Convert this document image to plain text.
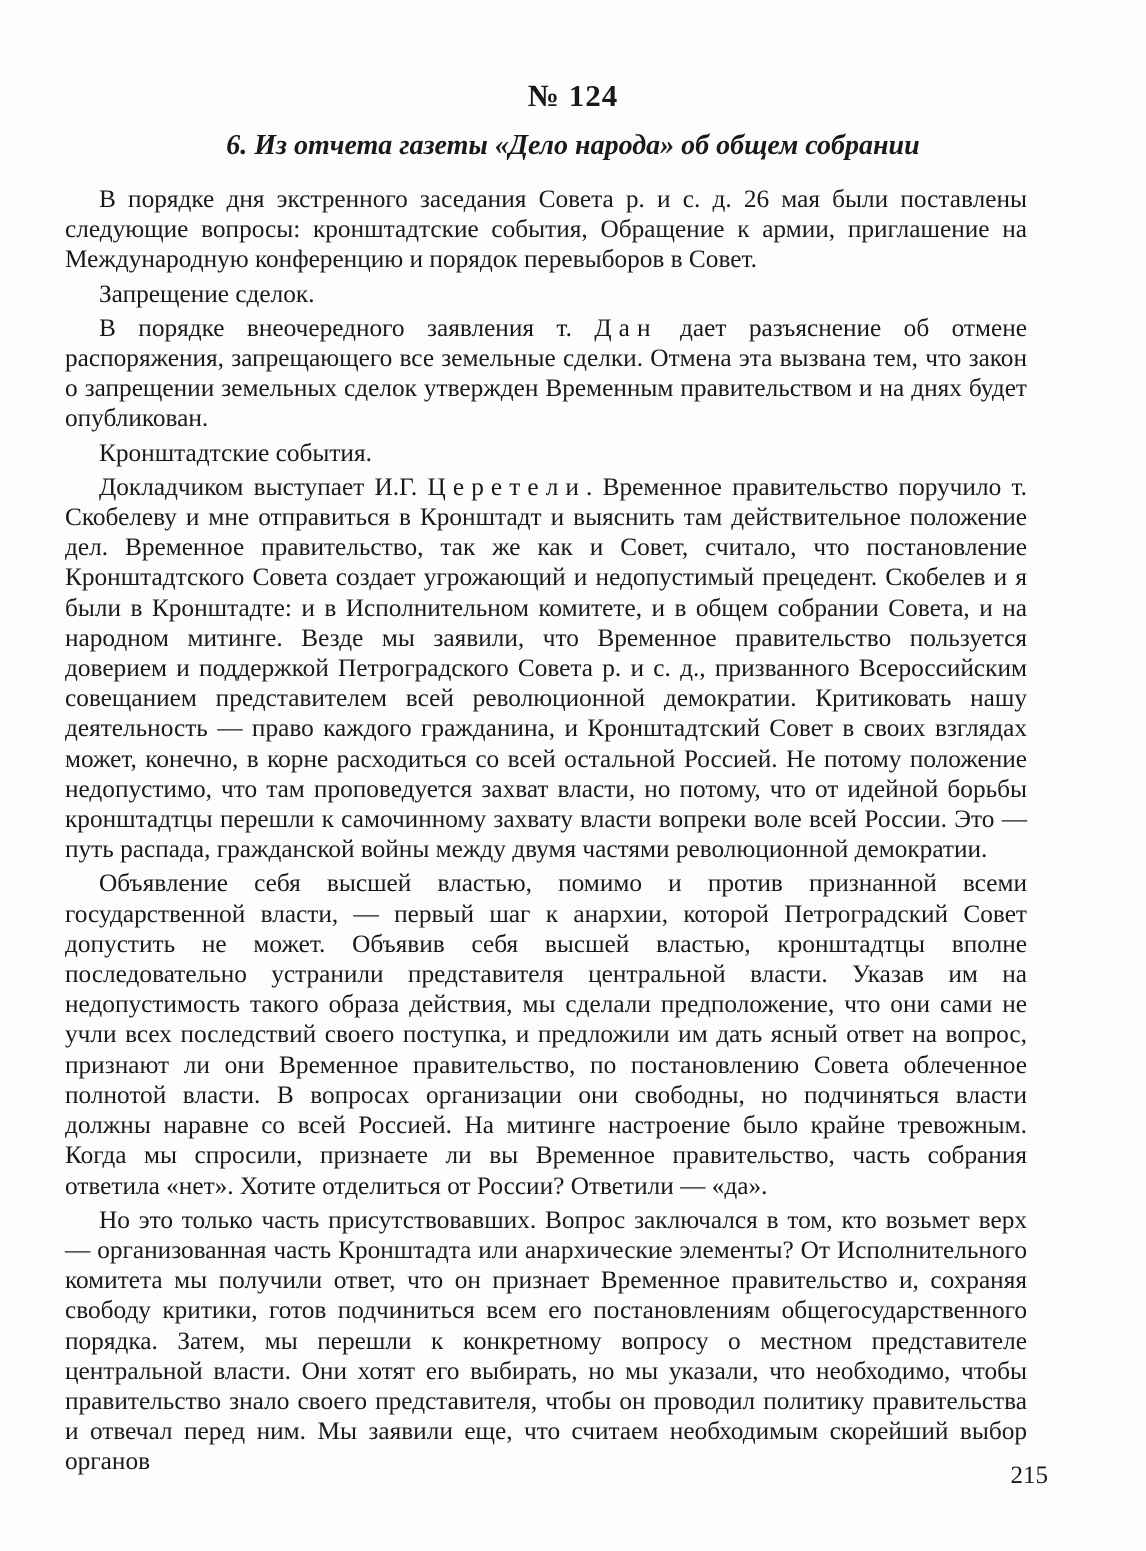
№ 124
6. Из отчета газеты «Дело народа» об общем собрании

В порядке дня экстренного заседания Совета р. и с. д. 26 мая были поставлены следующие вопросы: кронштадтские события, Обращение к армии, приглашение на Международную конференцию и порядок перевыборов в Совет.

Запрещение сделок.

В порядке внеочередного заявления т. Дан дает разъяснение об отмене распоряжения, запрещающего все земельные сделки. Отмена эта вызвана тем, что закон о запрещении земельных сделок утвержден Временным правительством и на днях будет опубликован.

Кронштадтские события.

Докладчиком выступает И.Г. Церетели. Временное правительство поручило т. Скобелеву и мне отправиться в Кронштадт и выяснить там действительное положение дел. Временное правительство, так же как и Совет, считало, что постановление Кронштадтского Совета создает угрожающий и недопустимый прецедент. Скобелев и я были в Кронштадте: и в Исполнительном комитете, и в общем собрании Совета, и на народном митинге. Везде мы заявили, что Временное правительство пользуется доверием и поддержкой Петроградского Совета р. и с. д., призванного Всероссийским совещанием представителем всей революционной демократии. Критиковать нашу деятельность — право каждого гражданина, и Кронштадтский Совет в своих взглядах может, конечно, в корне расходиться со всей остальной Россией. Не потому положение недопустимо, что там проповедуется захват власти, но потому, что от идейной борьбы кронштадтцы перешли к самочинному захвату власти вопреки воле всей России. Это — путь распада, гражданской войны между двумя частями революционной демократии.

Объявление себя высшей властью, помимо и против признанной всеми государственной власти, — первый шаг к анархии, которой Петроградский Совет допустить не может. Объявив себя высшей властью, кронштадтцы вполне последовательно устранили представителя центральной власти. Указав им на недопустимость такого образа действия, мы сделали предположение, что они сами не учли всех последствий своего поступка, и предложили им дать ясный ответ на вопрос, признают ли они Временное правительство, по постановлению Совета облеченное полнотой власти. В вопросах организации они свободны, но подчиняться власти должны наравне со всей Россией. На митинге настроение было крайне тревожным. Когда мы спросили, признаете ли вы Временное правительство, часть собрания ответила «нет». Хотите отделиться от России? Ответили — «да».

Но это только часть присутствовавших. Вопрос заключался в том, кто возьмет верх — организованная часть Кронштадта или анархические элементы? От Исполнительного комитета мы получили ответ, что он признает Временное правительство и, сохраняя свободу критики, готов подчиниться всем его постановлениям общегосударственного порядка. Затем, мы перешли к конкретному вопросу о местном представителе центральной власти. Они хотят его выбирать, но мы указали, что необходимо, чтобы правительство знало своего представителя, чтобы он проводил политику правительства и отвечал перед ним. Мы заявили еще, что считаем необходимым скорейший выбор органов

215
